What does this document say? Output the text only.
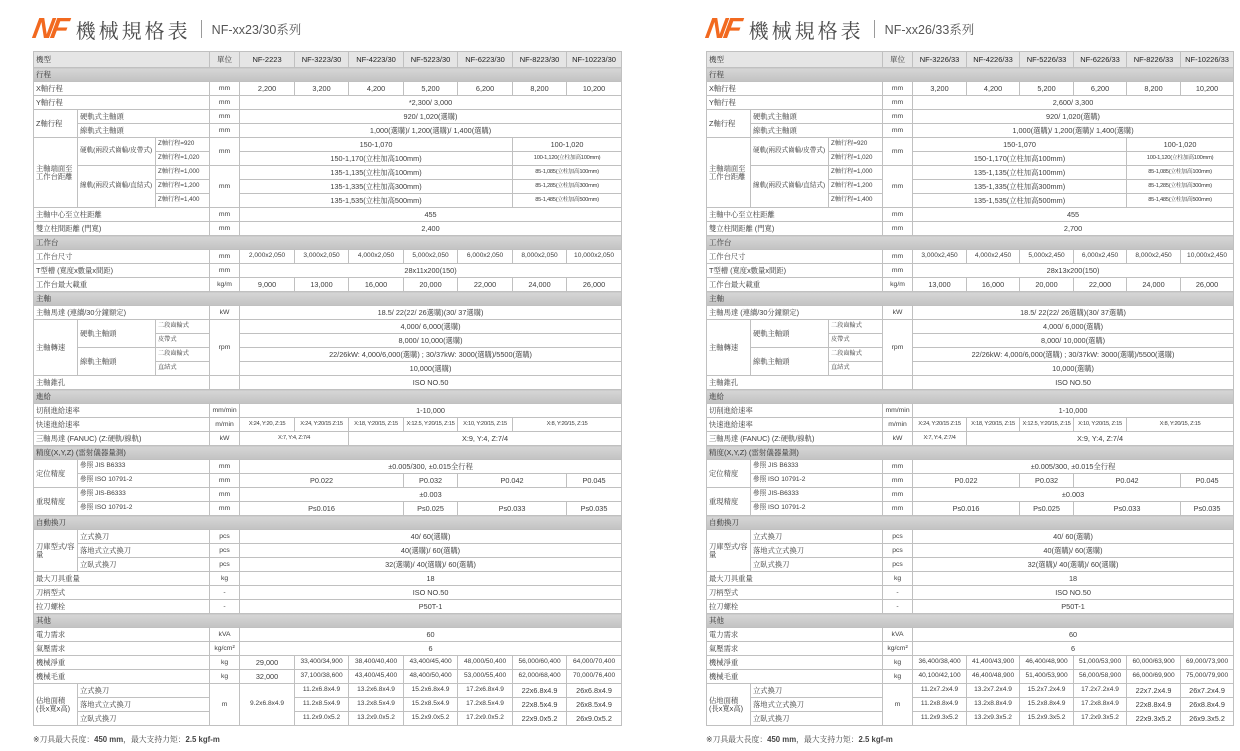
NF 機械規格表	NF-xx23/30系列
機型			單位	NF-2223	NF-3223/30	NF-4223/30	NF-5223/30	NF-6223/30	NF-8223/30	NF-10223/30
行程										
X軸行程			mm	2,200	3,200	4,200	5,200	6,200	8,200	10,200
Y軸行程			mm	*2,300/ 3,000						
Z軸行程	硬軌式主軸頭		mm	920/ 1,020(選購)						
	線軌式主軸頭		mm	1,000(選購)/ 1,200(選購)/ 1,400(選購)						
主軸端面至工作台距離	硬軌(兩段式齒輪/皮帶式)	Z軸行程=920	mm	150-1,070					100-1,020	
		Z軸行程=1,020		150-1,170(立柱加高100mm)					100-1,120(立柱加高100mm)	
	線軌(兩段式齒輪/直結式)	Z軸行程=1,000	mm	135-1,135(立柱加高100mm)					85-1,085(立柱加高100mm)	
		Z軸行程=1,200		135-1,335(立柱加高300mm)					85-1,285(立柱加高300mm)	
		Z軸行程=1,400		135-1,535(立柱加高500mm)					85-1,485(立柱加高500mm)	
主軸中心至立柱距離			mm	455						
雙立柱間距離 (門寬)			mm	2,400						
工作台										
工作台尺寸			mm	2,000x2,050	3,000x2,050	4,000x2,050	5,000x2,050	6,000x2,050	8,000x2,050	10,000x2,050
T型槽 (寬度x數量x間距)			mm	28x11x200(150)						
工作台最大載重			kg/m	9,000	13,000	16,000	20,000	22,000	24,000	26,000
主軸										
主軸馬達 (連續/30分鐘額定)			kW	18.5/ 22(22/ 26選購)(30/ 37選購)						
主軸轉速	硬軌主軸頭	二段齒輪式	rpm	4,000/ 6,000(選購)						
		皮帶式		8,000/ 10,000(選購)						
	線軌主軸頭	二段齒輪式		22/26kW: 4,000/6,000(選購) ; 30/37kW: 3000(選購)/5500(選購)						
		直結式		10,000(選購)						
主軸錐孔				ISO NO.50						
進給										
切削進給速率			mm/min	1-10,000						
快速進給速率			m/min	X:24, Y:20, Z:15	X:24, Y:20/15 Z:15	X:18, Y:20/15, Z:15	X:12.5, Y:20/15, Z:15	X:10, Y:20/15, Z:15	X:8, Y:20/15, Z:15	
三軸馬達 (FANUC) (Z:硬軌/線軌)			kW	X:7, Y:4, Z:7/4		X:9, Y:4, Z:7/4				
精度(X,Y,Z) (雷射儀器量測)										
定位精度	參照 JIS B6333		mm	±0.005/300, ±0.015全行程						
	參照 ISO 10791-2		mm	P0.022			P0.032	P0.042		P0.045
重現精度	參照 JIS-B6333		mm	±0.003						
	參照 ISO 10791-2		mm	Ps0.016			Ps0.025	Ps0.033		Ps0.035
自動換刀										
刀庫型式/容量	立式換刀		pcs	40/ 60(選購)						
	落地式立式換刀		pcs	40(選購)/ 60(選購)						
	立臥式換刀		pcs	32(選購)/ 40(選購)/ 60(選購)						
最大刀具重量			kg	18						
刀柄型式			-	ISO NO.50						
拉刀螺栓			-	P50T-1						
其他										
電力需求			kVA	60						
氣壓需求			kg/cm²	6						
機械淨重			kg	29,000	33,400/34,900	38,400/40,400	43,400/45,400	48,000/50,400	56,000/60,400	64,000/70,400
機械毛重			kg	32,000	37,100/38,600	43,400/45,400	48,400/50,400	53,000/55,400	62,000/68,400	70,000/76,400
佔地面積 (長x寬x高)	立式換刀		m	9.2x6.8x4.9	11.2x6.8x4.9	13.2x6.8x4.9	15.2x6.8x4.9	17.2x6.8x4.9	22x6.8x4.9	26x6.8x4.9
	落地式立式換刀				11.2x8.5x4.9	13.2x8.5x4.9	15.2x8.5x4.9	17.2x8.5x4.9	22x8.5x4.9	26x8.5x4.9
	立臥式換刀				11.2x9.0x5.2	13.2x9.0x5.2	15.2x9.0x5.2	17.2x9.0x5.2	22x9.0x5.2	26x9.0x5.2
※刀具最大長度：450 mm，最大支持力矩：2.5 kgf-m
NF 機械規格表	NF-xx26/33系列
機型			單位	NF-3226/33	NF-4226/33	NF-5226/33	NF-6226/33	NF-8226/33	NF-10226/33
行程									
X軸行程			mm	3,200	4,200	5,200	6,200	8,200	10,200
Y軸行程			mm	2,600/ 3,300					
Z軸行程	硬軌式主軸頭		mm	920/ 1,020(選購)					
	線軌式主軸頭		mm	1,000(選購)/ 1,200(選購)/ 1,400(選購)					
主軸端面至工作台距離	硬軌(兩段式齒輪/皮帶式)	Z軸行程=920	mm	150-1,070				100-1,020	
		Z軸行程=1,020		150-1,170(立柱加高100mm)				100-1,120(立柱加高100mm)	
	線軌(兩段式齒輪/直結式)	Z軸行程=1,000	mm	135-1,135(立柱加高100mm)				85-1,085(立柱加高100mm)	
		Z軸行程=1,200		135-1,335(立柱加高300mm)				85-1,285(立柱加高300mm)	
		Z軸行程=1,400		135-1,535(立柱加高500mm)				85-1,485(立柱加高500mm)	
主軸中心至立柱距離			mm	455					
雙立柱間距離 (門寬)			mm	2,700					
工作台									
工作台尺寸			mm	3,000x2,450	4,000x2,450	5,000x2,450	6,000x2,450	8,000x2,450	10,000x2,450
T型槽 (寬度x數量x間距)			mm	28x13x200(150)					
工作台最大載重			kg/m	13,000	16,000	20,000	22,000	24,000	26,000
主軸									
主軸馬達 (連續/30分鐘額定)			kW	18.5/ 22(22/ 26選購)(30/ 37選購)					
主軸轉速	硬軌主軸頭	二段齒輪式	rpm	4,000/ 6,000(選購)					
		皮帶式		8,000/ 10,000(選購)					
	線軌主軸頭	二段齒輪式		22/26kW: 4,000/6,000(選購) ; 30/37kW: 3000(選購)/5500(選購)					
		直結式		10,000(選購)					
主軸錐孔				ISO NO.50					
進給									
切削進給速率			mm/min	1-10,000					
快速進給速率			m/min	X:24, Y:20/15 Z:15	X:18, Y:20/15, Z:15	X:12.5, Y:20/15, Z:15	X:10, Y:20/15, Z:15	X:8, Y:20/15, Z:15	
三軸馬達 (FANUC) (Z:硬軌/線軌)			kW	X:7, Y:4, Z:7/4	X:9, Y:4, Z:7/4				
精度(X,Y,Z) (雷射儀器量測)									
定位精度	參照 JIS B6333		mm	±0.005/300, ±0.015全行程					
	參照 ISO 10791-2		mm	P0.022		P0.032	P0.042		P0.045
重現精度	參照 JIS-B6333		mm	±0.003					
	參照 ISO 10791-2		mm	Ps0.016		Ps0.025	Ps0.033		Ps0.035
自動換刀									
刀庫型式/容量	立式換刀		pcs	40/ 60(選購)					
	落地式立式換刀		pcs	40(選購)/ 60(選購)					
	立臥式換刀		pcs	32(選購)/ 40(選購)/ 60(選購)					
最大刀具重量			kg	18					
刀柄型式			-	ISO NO.50					
拉刀螺栓			-	P50T-1					
其他									
電力需求			kVA	60					
氣壓需求			kg/cm²	6					
機械淨重			kg	36,400/38,400	41,400/43,900	46,400/48,900	51,000/53,900	60,000/63,900	69,000/73,900
機械毛重			kg	40,100/42,100	46,400/48,900	51,400/53,900	56,000/58,900	66,000/69,900	75,000/79,900
佔地面積 (長x寬x高)	立式換刀		m	11.2x7.2x4.9	13.2x7.2x4.9	15.2x7.2x4.9	17.2x7.2x4.9	22x7.2x4.9	26x7.2x4.9
	落地式立式換刀			11.2x8.8x4.9	13.2x8.8x4.9	15.2x8.8x4.9	17.2x8.8x4.9	22x8.8x4.9	26x8.8x4.9
	立臥式換刀			11.2x9.3x5.2	13.2x9.3x5.2	15.2x9.3x5.2	17.2x9.3x5.2	22x9.3x5.2	26x9.3x5.2
※刀具最大長度：450 mm，最大支持力矩：2.5 kgf-m
